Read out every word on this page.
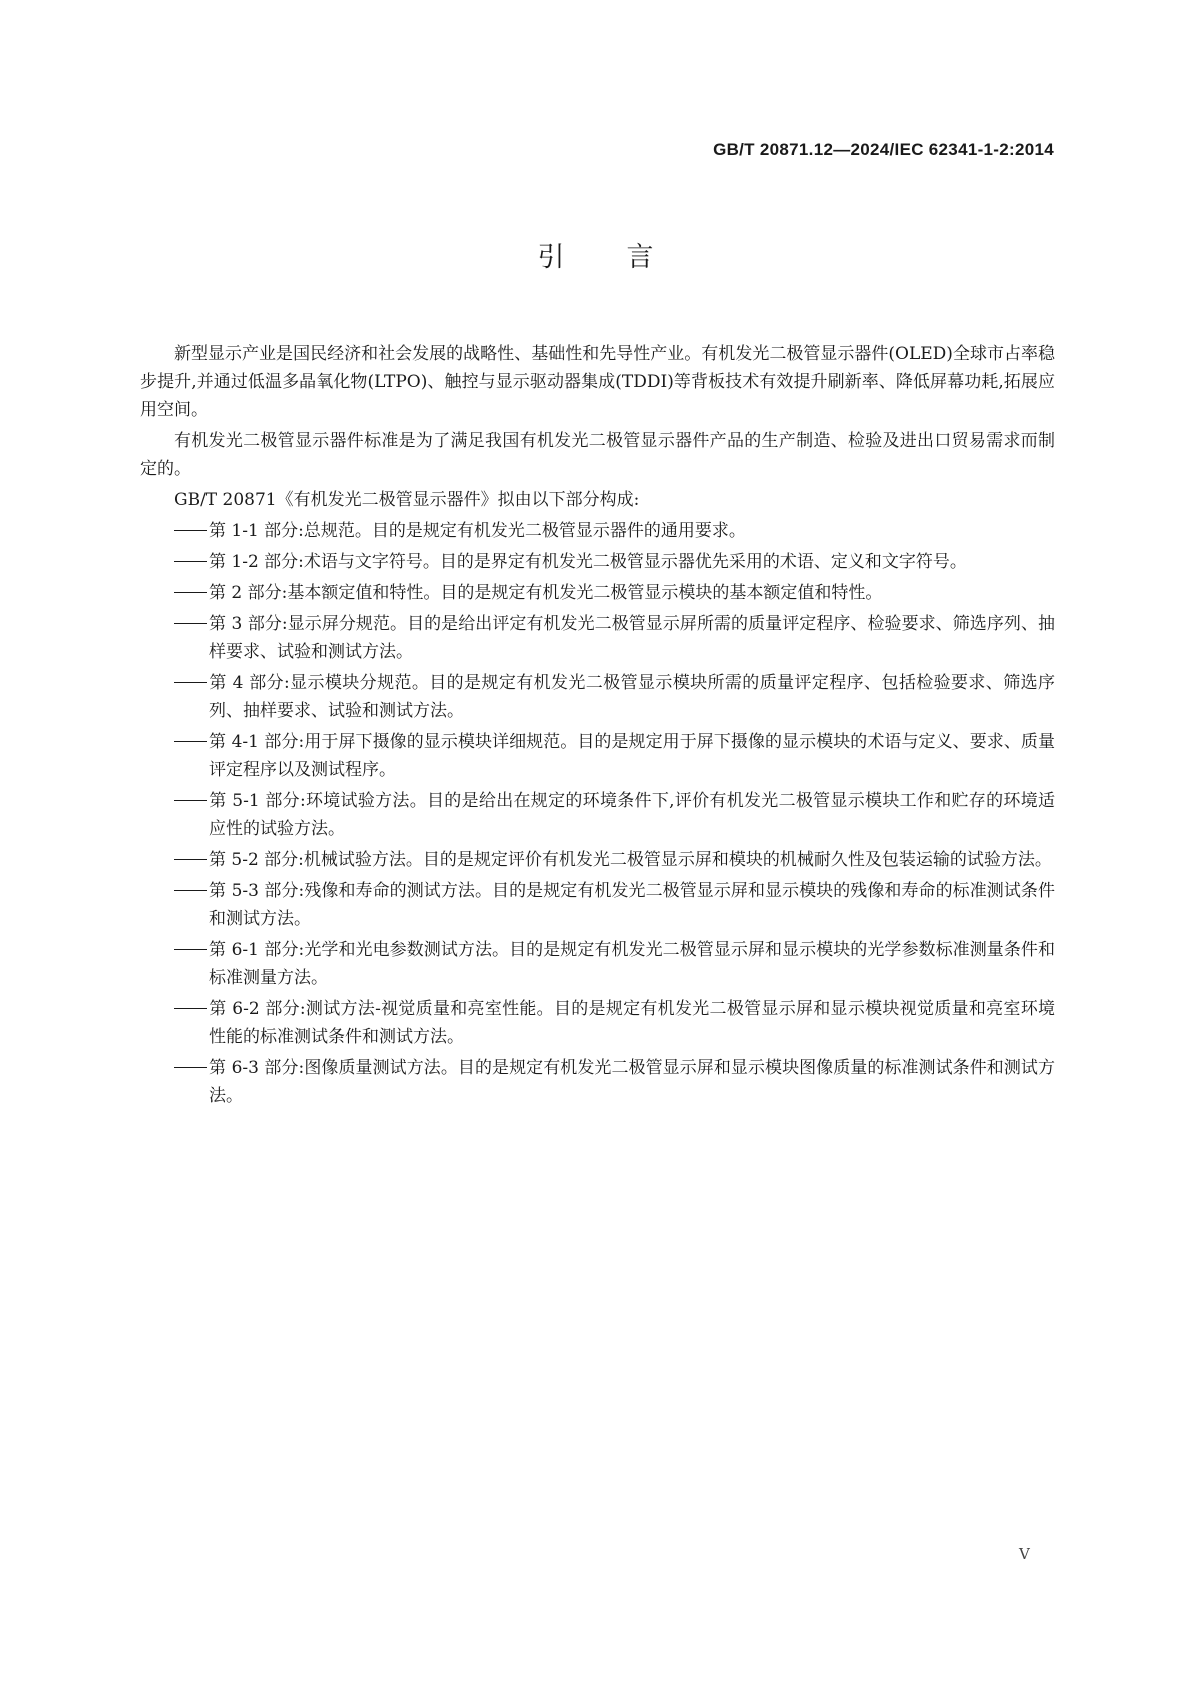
GB/T 20871.12—2024/IEC 62341-1-2:2014
引言

新型显示产业是国民经济和社会发展的战略性、基础性和先导性产业。有机发光二极管显示器件(OLED)全球市占率稳步提升,并通过低温多晶氧化物(LTPO)、触控与显示驱动器集成(TDDI)等背板技术有效提升刷新率、降低屏幕功耗,拓展应用空间。

有机发光二极管显示器件标准是为了满足我国有机发光二极管显示器件产品的生产制造、检验及进出口贸易需求而制定的。

GB/T 20871《有机发光二极管显示器件》拟由以下部分构成:

第 1-1 部分:总规范。目的是规定有机发光二极管显示器件的通用要求。

第 1-2 部分:术语与文字符号。目的是界定有机发光二极管显示器优先采用的术语、定义和文字符号。

第 2 部分:基本额定值和特性。目的是规定有机发光二极管显示模块的基本额定值和特性。

第 3 部分:显示屏分规范。目的是给出评定有机发光二极管显示屏所需的质量评定程序、检验要求、筛选序列、抽样要求、试验和测试方法。

第 4 部分:显示模块分规范。目的是规定有机发光二极管显示模块所需的质量评定程序、包括检验要求、筛选序列、抽样要求、试验和测试方法。

第 4-1 部分:用于屏下摄像的显示模块详细规范。目的是规定用于屏下摄像的显示模块的术语与定义、要求、质量评定程序以及测试程序。

第 5-1 部分:环境试验方法。目的是给出在规定的环境条件下,评价有机发光二极管显示模块工作和贮存的环境适应性的试验方法。

第 5-2 部分:机械试验方法。目的是规定评价有机发光二极管显示屏和模块的机械耐久性及包装运输的试验方法。

第 5-3 部分:残像和寿命的测试方法。目的是规定有机发光二极管显示屏和显示模块的残像和寿命的标准测试条件和测试方法。

第 6-1 部分:光学和光电参数测试方法。目的是规定有机发光二极管显示屏和显示模块的光学参数标准测量条件和标准测量方法。

第 6-2 部分:测试方法-视觉质量和亮室性能。目的是规定有机发光二极管显示屏和显示模块视觉质量和亮室环境性能的标准测试条件和测试方法。

第 6-3 部分:图像质量测试方法。目的是规定有机发光二极管显示屏和显示模块图像质量的标准测试条件和测试方法。

V
